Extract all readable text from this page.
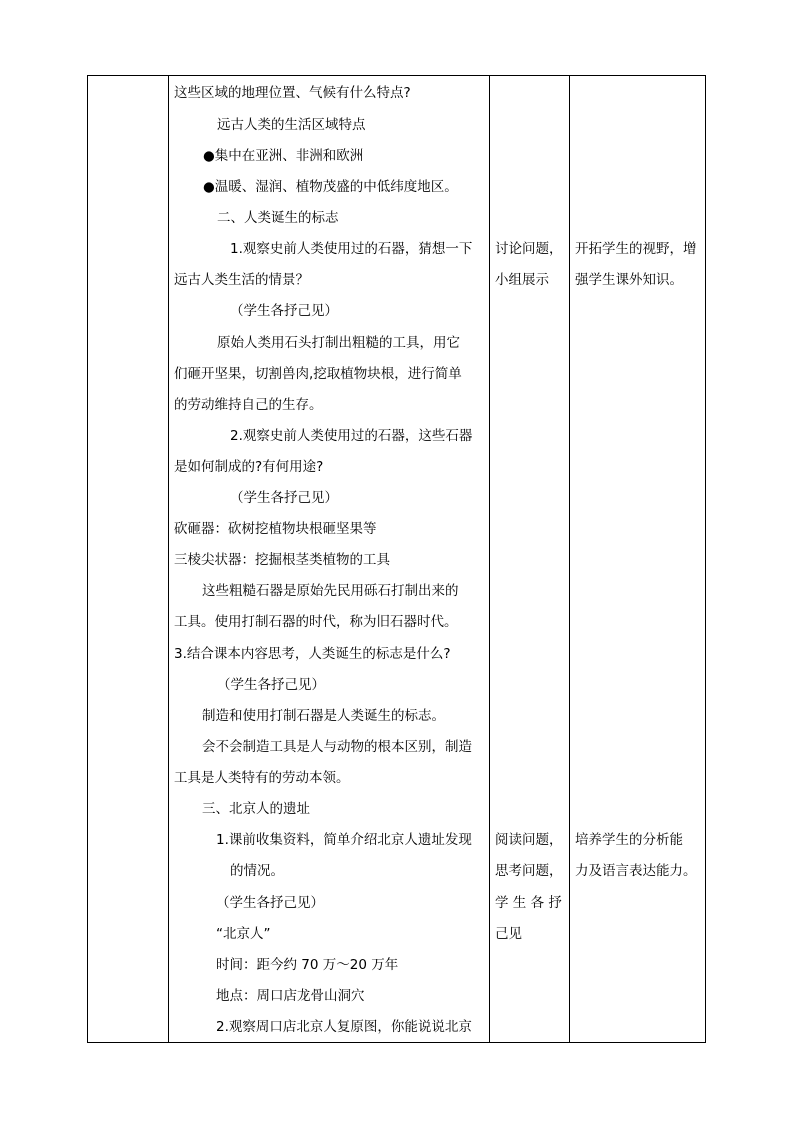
这些区域的地理位置、气候有什么特点?
远古人类的生活区域特点
●集中在亚洲、非洲和欧洲
●温暖、湿润、植物茂盛的中低纬度地区。
二、人类诞生的标志
1.观察史前人类使用过的石器，猜想一下
远古人类生活的情景？
（学生各抒己见）
原始人类用石头打制出粗糙的工具，用它
们砸开坚果，切割兽肉,挖取植物块根，进行简单
的劳动维持自己的生存。
2.观察史前人类使用过的石器，这些石器
是如何制成的?有何用途?
（学生各抒己见）
砍砸器：砍树挖植物块根砸坚果等
三棱尖状器：挖掘根茎类植物的工具
这些粗糙石器是原始先民用砾石打制出来的
工具。使用打制石器的时代，称为旧石器时代。
3.结合课本内容思考，人类诞生的标志是什么?
（学生各抒己见）
制造和使用打制石器是人类诞生的标志。
会不会制造工具是人与动物的根本区别，制造
工具是人类特有的劳动本领。
三、北京人的遗址
1.课前收集资料，简单介绍北京人遗址发现
的情况。
（学生各抒己见）
“北京人”
时间：距今约 70 万～20 万年
地点：周口店龙骨山洞穴
2.观察周口店北京人复原图，你能说说北京
讨论问题，
小组展示
阅读问题，
思考问题，
学 生 各 抒
己见
开拓学生的视野，增
强学生课外知识。
培养学生的分析能
力及语言表达能力。
